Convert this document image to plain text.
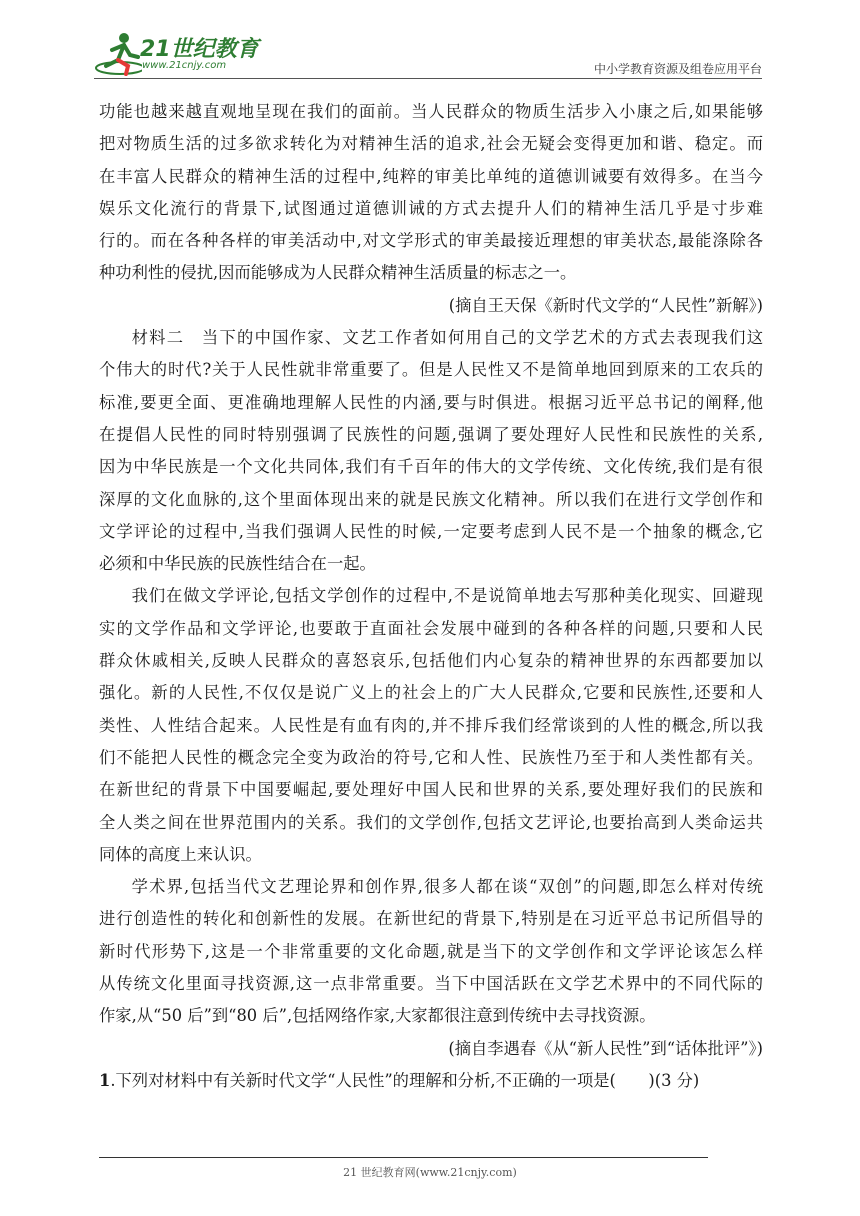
21世纪教育
www.21cnjy.com	中小学教育资源及组卷应用平台

功能也越来越直观地呈现在我们的面前。当人民群众的物质生活步入小康之后,如果能够

把对物质生活的过多欲求转化为对精神生活的追求,社会无疑会变得更加和谐、稳定。而

在丰富人民群众的精神生活的过程中,纯粹的审美比单纯的道德训诫要有效得多。在当今

娱乐文化流行的背景下,试图通过道德训诫的方式去提升人们的精神生活几乎是寸步难

行的。而在各种各样的审美活动中,对文学形式的审美最接近理想的审美状态,最能涤除各

种功利性的侵扰,因而能够成为人民群众精神生活质量的标志之一。

(摘自王天保《新时代文学的“人民性”新解》)

材料二　当下的中国作家、文艺工作者如何用自己的文学艺术的方式去表现我们这

个伟大的时代?关于人民性就非常重要了。但是人民性又不是简单地回到原来的工农兵的

标准,要更全面、更准确地理解人民性的内涵,要与时俱进。根据习近平总书记的阐释,他

在提倡人民性的同时特别强调了民族性的问题,强调了要处理好人民性和民族性的关系,

因为中华民族是一个文化共同体,我们有千百年的伟大的文学传统、文化传统,我们是有很

深厚的文化血脉的,这个里面体现出来的就是民族文化精神。所以我们在进行文学创作和

文学评论的过程中,当我们强调人民性的时候,一定要考虑到人民不是一个抽象的概念,它

必须和中华民族的民族性结合在一起。

我们在做文学评论,包括文学创作的过程中,不是说简单地去写那种美化现实、回避现

实的文学作品和文学评论,也要敢于直面社会发展中碰到的各种各样的问题,只要和人民

群众休戚相关,反映人民群众的喜怒哀乐,包括他们内心复杂的精神世界的东西都要加以

强化。新的人民性,不仅仅是说广义上的社会上的广大人民群众,它要和民族性,还要和人

类性、人性结合起来。人民性是有血有肉的,并不排斥我们经常谈到的人性的概念,所以我

们不能把人民性的概念完全变为政治的符号,它和人性、民族性乃至于和人类性都有关。

在新世纪的背景下中国要崛起,要处理好中国人民和世界的关系,要处理好我们的民族和

全人类之间在世界范围内的关系。我们的文学创作,包括文艺评论,也要抬高到人类命运共

同体的高度上来认识。

学术界,包括当代文艺理论界和创作界,很多人都在谈“双创”的问题,即怎么样对传统

进行创造性的转化和创新性的发展。在新世纪的背景下,特别是在习近平总书记所倡导的

新时代形势下,这是一个非常重要的文化命题,就是当下的文学创作和文学评论该怎么样

从传统文化里面寻找资源,这一点非常重要。当下中国活跃在文学艺术界中的不同代际的

作家,从“50 后”到“80 后”,包括网络作家,大家都很注意到传统中去寻找资源。

(摘自李遇春《从“新人民性”到“话体批评”》)

1.下列对材料中有关新时代文学“人民性”的理解和分析,不正确的一项是(　　)(3 分)

21 世纪教育网(www.21cnjy.com)
